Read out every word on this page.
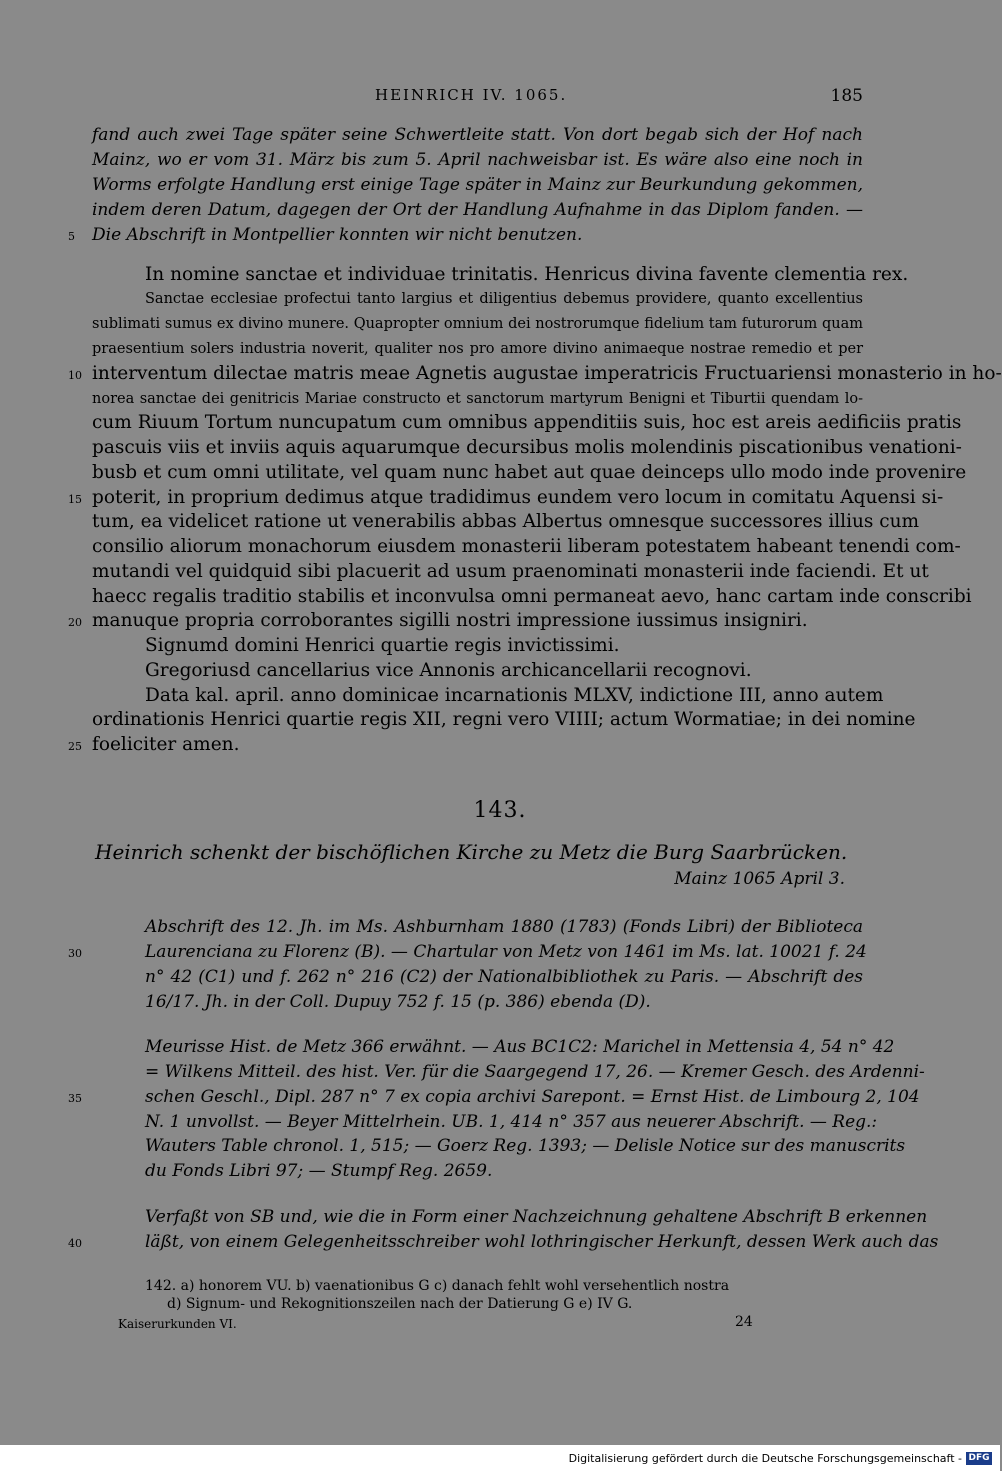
HEINRICH IV. 1065.	185
fand auch zwei Tage später seine Schwertleite statt. Von dort begab sich der Hof nach
Mainz, wo er vom 31. März bis zum 5. April nachweisbar ist. Es wäre also eine noch in
Worms erfolgte Handlung erst einige Tage später in Mainz zur Beurkundung gekommen,
indem deren Datum, dagegen der Ort der Handlung Aufnahme in das Diplom fanden. —
Die Abschrift in Montpellier konnten wir nicht benutzen.
5
In nomine sanctae et individuae trinitatis. Henricus divina favente clementia rex.
Sanctae ecclesiae profectui tanto largius et diligentius debemus providere, quanto excellentius
sublimati sumus ex divino munere. Quapropter omnium dei nostrorumque fidelium tam futurorum quam
praesentium solers industria noverit, qualiter nos pro amore divino animaeque nostrae remedio et per
interventum dilectae matris meae Agnetis augustae imperatricis Fructuariensi monasterio in ho-
10
norea sanctae dei genitricis Mariae constructo et sanctorum martyrum Benigni et Tiburtii quendam lo-
cum Riuum Tortum nuncupatum cum omnibus appenditiis suis, hoc est areis aedificiis pratis
pascuis viis et inviis aquis aquarumque decursibus molis molendinis piscationibus venationi-
busb et cum omni utilitate, vel quam nunc habet aut quae deinceps ullo modo inde provenire
poterit, in proprium dedimus atque tradidimus eundem vero locum in comitatu Aquensi si-
15
tum, ea videlicet ratione ut venerabilis abbas Albertus omnesque successores illius cum
consilio aliorum monachorum eiusdem monasterii liberam potestatem habeant tenendi com-
mutandi vel quidquid sibi placuerit ad usum praenominati monasterii inde faciendi. Et ut
haecc regalis traditio stabilis et inconvulsa omni permaneat aevo, hanc cartam inde conscribi
manuque propria corroborantes sigilli nostri impressione iussimus insigniri.
20
Signumd domini Henrici quartie regis invictissimi.
Gregoriusd cancellarius vice Annonis archicancellarii recognovi.
Data kal. april. anno dominicae incarnationis MLXV, indictione III, anno autem
ordinationis Henrici quartie regis XII, regni vero VIIII; actum Wormatiae; in dei nomine
foeliciter amen.
25
143.
Heinrich schenkt der bischöflichen Kirche zu Metz die Burg Saarbrücken.
Mainz 1065 April 3.
Abschrift des 12. Jh. im Ms. Ashburnham 1880 (1783) (Fonds Libri) der Biblioteca
Laurenciana zu Florenz (B). — Chartular von Metz von 1461 im Ms. lat. 10021 f. 24
30
n° 42 (C1) und f. 262 n° 216 (C2) der Nationalbibliothek zu Paris. — Abschrift des
16/17. Jh. in der Coll. Dupuy 752 f. 15 (p. 386) ebenda (D).
Meurisse Hist. de Metz 366 erwähnt. — Aus BC1C2: Marichel in Mettensia 4, 54 n° 42
= Wilkens Mitteil. des hist. Ver. für die Saargegend 17, 26. — Kremer Gesch. des Ardenni-
schen Geschl., Dipl. 287 n° 7 ex copia archivi Sarepont. = Ernst Hist. de Limbourg 2, 104
35
N. 1 unvollst. — Beyer Mittelrhein. UB. 1, 414 n° 357 aus neuerer Abschrift. — Reg.:
Wauters Table chronol. 1, 515; — Goerz Reg. 1393; — Delisle Notice sur des manuscrits
du Fonds Libri 97; — Stumpf Reg. 2659.
Verfaßt von SB und, wie die in Form einer Nachzeichnung gehaltene Abschrift B erkennen
läßt, von einem Gelegenheitsschreiber wohl lothringischer Herkunft, dessen Werk auch das
40
142. a) honorem VU. b) vaenationibus G c) danach fehlt wohl versehentlich nostra
d) Signum- und Rekognitionszeilen nach der Datierung G e) IV G.
Kaiserurkunden VI.	24
Digitalisierung gefördert durch die Deutsche Forschungsgemeinschaft - DFG
